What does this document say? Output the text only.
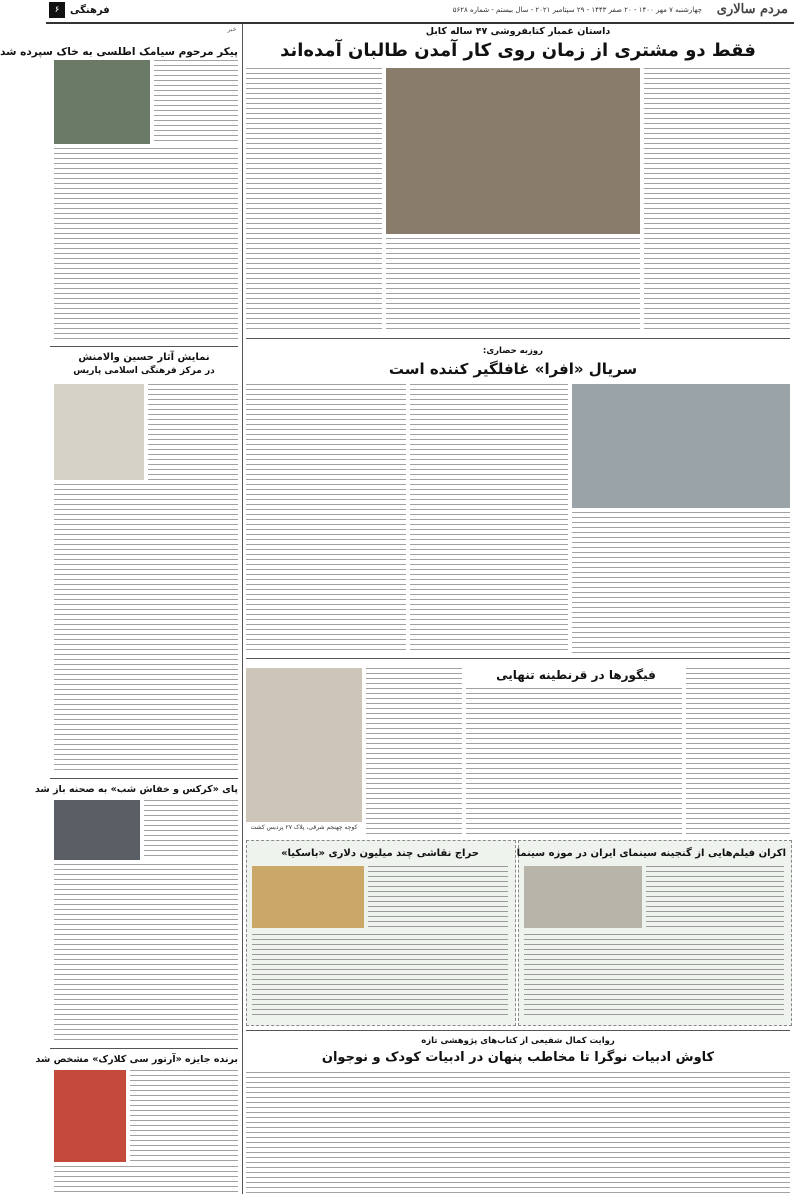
مردم سالاری
چهارشنبه ۷ مهر ۱۴۰۰ - ۲۰ صفر ۱۴۴۳ - ۲۹ سپتامبر ۲۰۲۱ - سال بیستم - شماره ۵۶۲۸
فرهنگی
۶
خبر
پیکر مرحوم سیامک اطلسی به خاک سپرده شد
نمایش آثار حسین والامنش
در مرکز فرهنگی اسلامی پاریس
پای «کرکس و خفاش شب» به صحنه باز شد
برنده جایزه «آرتور سی کلارک» مشخص شد
داستان غمبار کتابفروشی ۴۷ ساله کابل
فقط دو مشتری از زمان روی کار آمدن طالبان آمده‌اند
روزبه حصاری:
سریال «افرا» غافلگیر کننده است
فیگورها در قرنطینه تنهایی
کوچه چهنجم شرقی، پلاک ۲۷ پردیس کشت
اکران فیلم‌هایی از گنجینه سینمای ایران در موزه سینما
حراج نقاشی چند میلیون دلاری «باسکیا»
روایت کمال شفیعی از کتاب‌های پژوهشی تازه
کاوش ادبیات نوگرا تا مخاطب پنهان در ادبیات کودک و نوجوان
